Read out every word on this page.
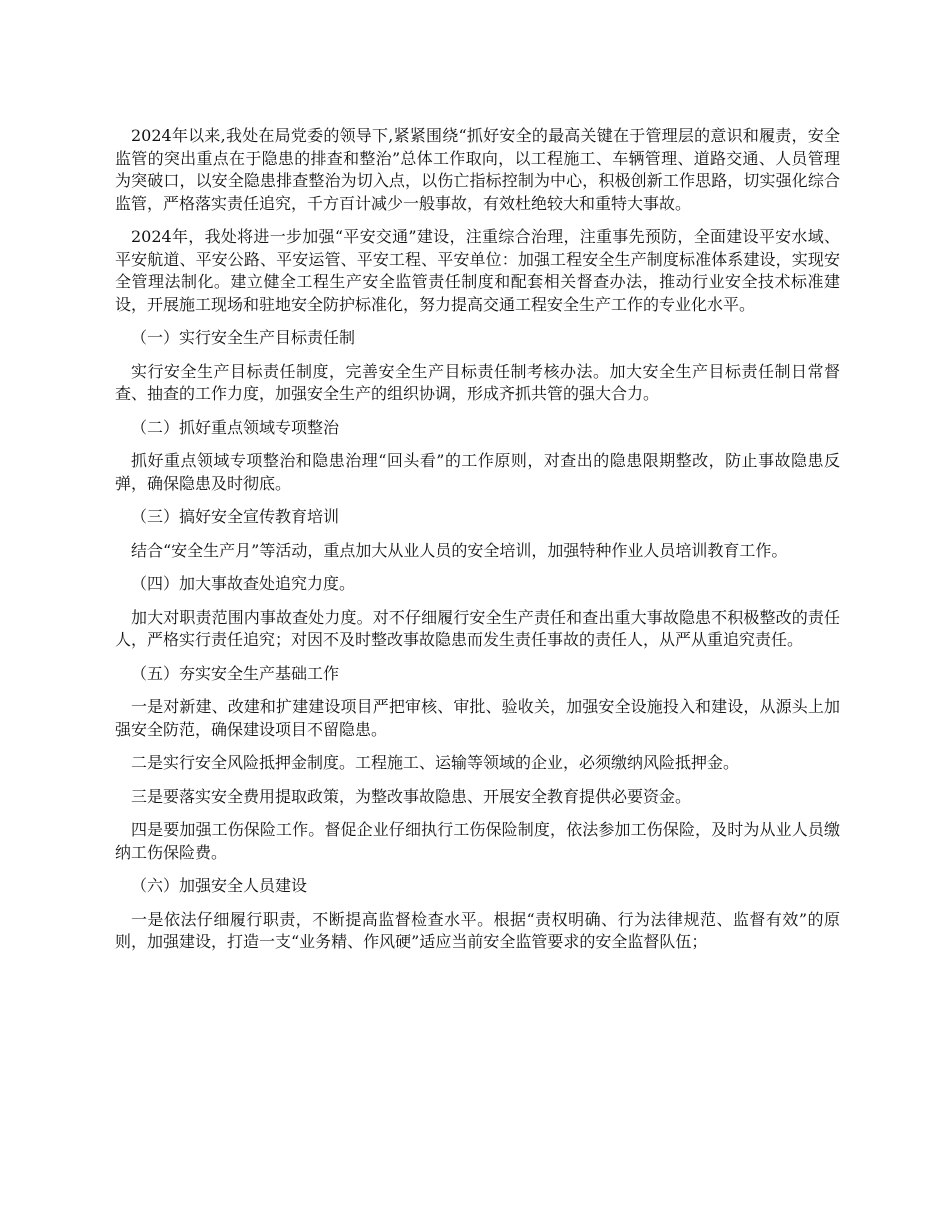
2024年以来,我处在局党委的领导下,紧紧围绕“抓好安全的最高关键在于管理层的意识和履责，安全监管的突出重点在于隐患的排查和整治”总体工作取向，以工程施工、车辆管理、道路交通、人员管理为突破口，以安全隐患排查整治为切入点，以伤亡指标控制为中心，积极创新工作思路，切实强化综合监管，严格落实责任追究，千方百计减少一般事故，有效杜绝较大和重特大事故。

2024年，我处将进一步加强“平安交通”建设，注重综合治理，注重事先预防，全面建设平安水域、平安航道、平安公路、平安运管、平安工程、平安单位：加强工程安全生产制度标准体系建设，实现安全管理法制化。建立健全工程生产安全监管责任制度和配套相关督查办法，推动行业安全技术标准建设，开展施工现场和驻地安全防护标准化，努力提高交通工程安全生产工作的专业化水平。

（一）实行安全生产目标责任制

实行安全生产目标责任制度，完善安全生产目标责任制考核办法。加大安全生产目标责任制日常督查、抽查的工作力度，加强安全生产的组织协调，形成齐抓共管的强大合力。

（二）抓好重点领域专项整治

抓好重点领域专项整治和隐患治理“回头看”的工作原则，对查出的隐患限期整改，防止事故隐患反弹，确保隐患及时彻底。

（三）搞好安全宣传教育培训

结合“安全生产月”等活动，重点加大从业人员的安全培训，加强特种作业人员培训教育工作。

（四）加大事故查处追究力度。

加大对职责范围内事故查处力度。对不仔细履行安全生产责任和查出重大事故隐患不积极整改的责任人，严格实行责任追究；对因不及时整改事故隐患而发生责任事故的责任人，从严从重追究责任。

（五）夯实安全生产基础工作

一是对新建、改建和扩建建设项目严把审核、审批、验收关，加强安全设施投入和建设，从源头上加强安全防范，确保建设项目不留隐患。

二是实行安全风险抵押金制度。工程施工、运输等领域的企业，必须缴纳风险抵押金。

三是要落实安全费用提取政策，为整改事故隐患、开展安全教育提供必要资金。

四是要加强工伤保险工作。督促企业仔细执行工伤保险制度，依法参加工伤保险，及时为从业人员缴纳工伤保险费。

（六）加强安全人员建设

一是依法仔细履行职责，不断提高监督检查水平。根据“责权明确、行为法律规范、监督有效”的原则，加强建设，打造一支“业务精、作风硬”适应当前安全监管要求的安全监督队伍；
